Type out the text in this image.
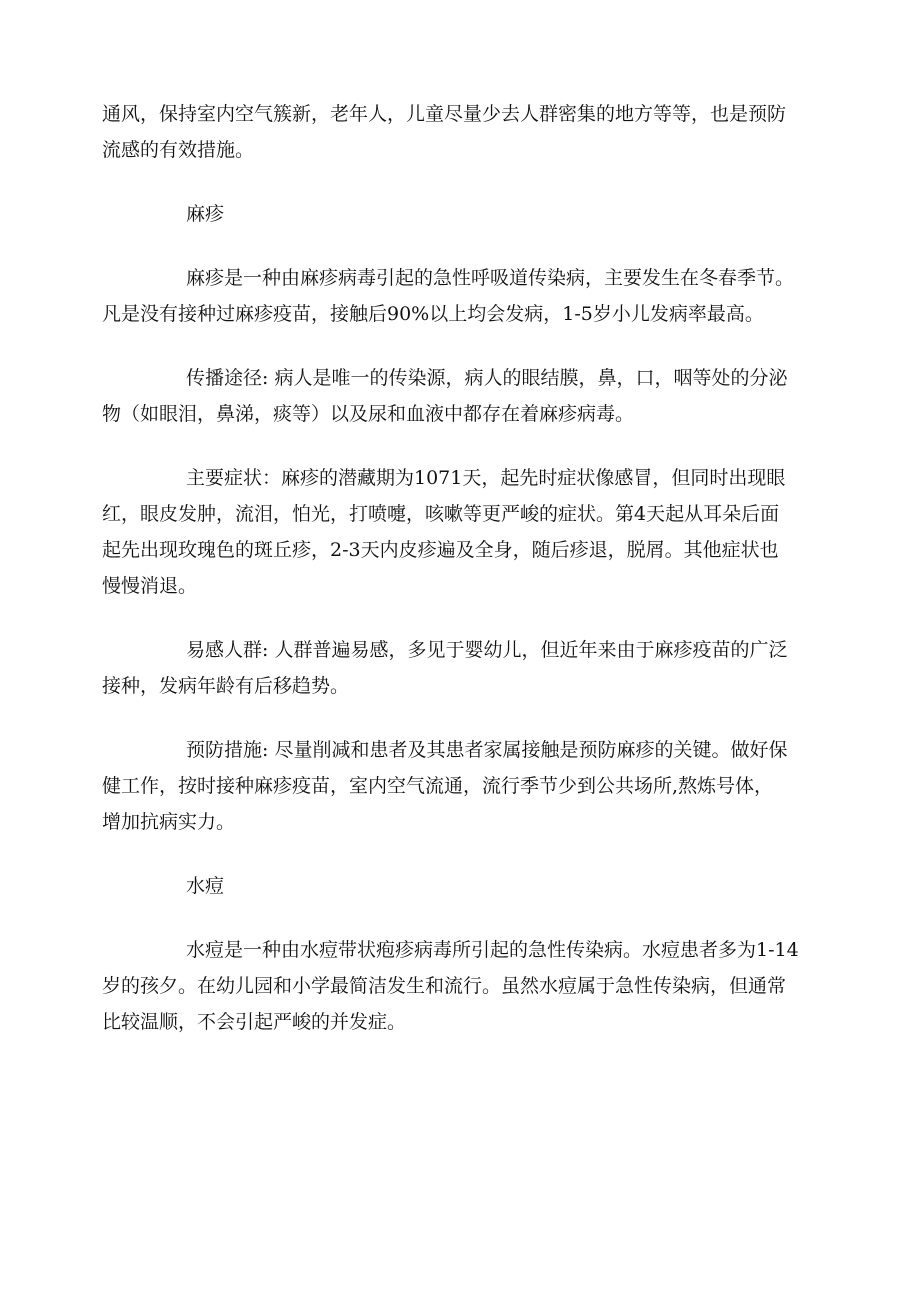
通风，保持室内空气簇新，老年人，儿童尽量少去人群密集的地方等等，也是预防
流感的有效措施。

麻疹

麻疹是一种由麻疹病毒引起的急性呼吸道传染病，主要发生在冬春季节。
凡是没有接种过麻疹疫苗，接触后90%以上均会发病，1-5岁小儿发病率最高。

传播途径: 病人是唯一的传染源，病人的眼结膜，鼻，口，咽等处的分泌
物（如眼泪，鼻涕，痰等）以及尿和血液中都存在着麻疹病毒。

主要症状：麻疹的潜藏期为1071天，起先时症状像感冒，但同时出现眼
红，眼皮发肿，流泪，怕光，打喷嚏，咳嗽等更严峻的症状。第4天起从耳朵后面
起先出现玫瑰色的斑丘疹，2-3天内皮疹遍及全身，随后疹退，脱屑。其他症状也
慢慢消退。

易感人群: 人群普遍易感，多见于婴幼儿，但近年来由于麻疹疫苗的广泛
接种，发病年龄有后移趋势。

预防措施: 尽量削减和患者及其患者家属接触是预防麻疹的关键。做好保
健工作，按时接种麻疹疫苗，室内空气流通，流行季节少到公共场所,熬炼号体，
增加抗病实力。

水痘

水痘是一种由水痘带状疱疹病毒所引起的急性传染病。水痘患者多为1-14
岁的孩夕。在幼儿园和小学最简洁发生和流行。虽然水痘属于急性传染病，但通常
比较温顺，不会引起严峻的并发症。
